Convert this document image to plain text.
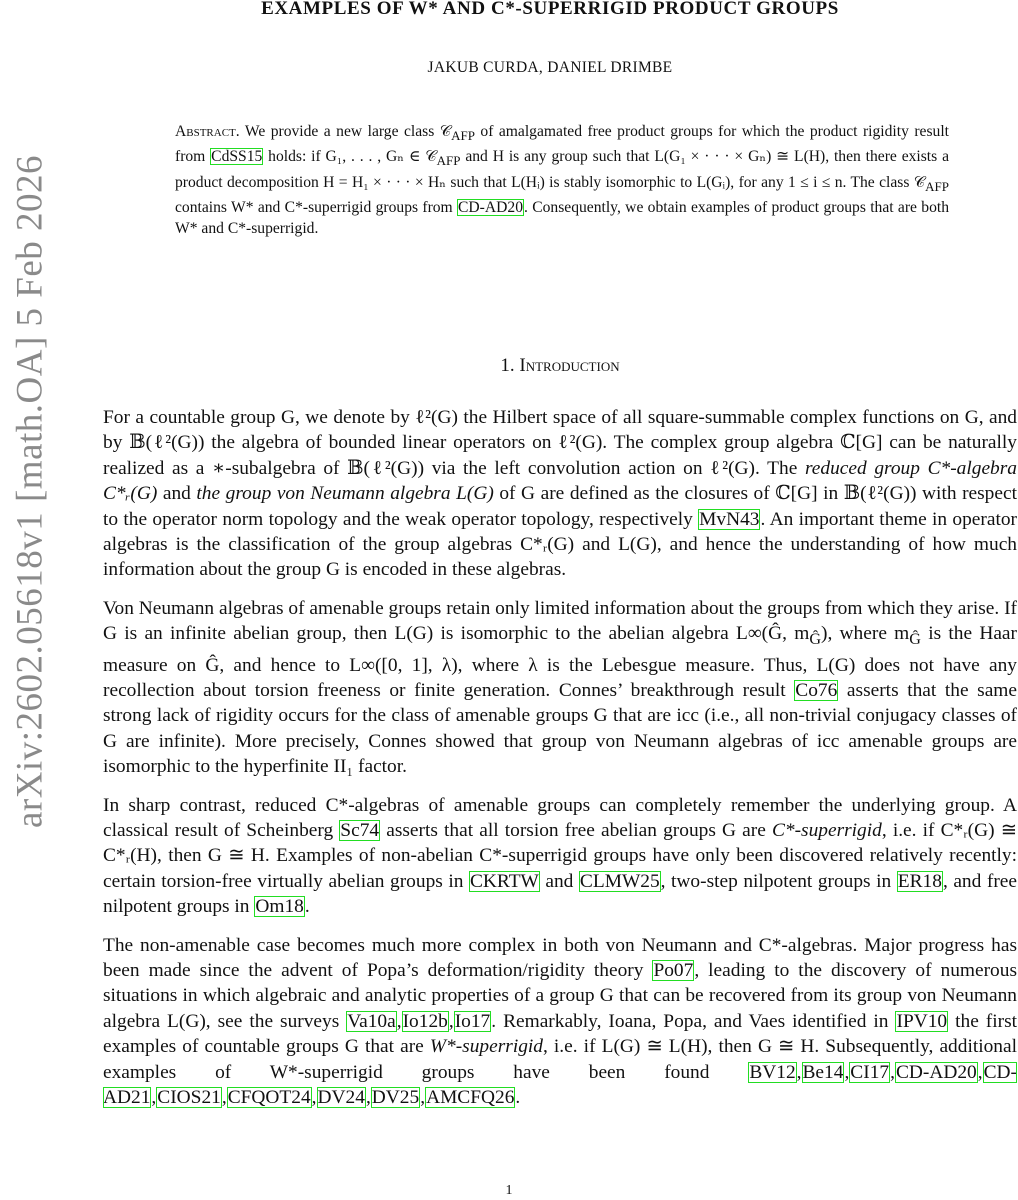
arXiv:2602.05618v1 [math.OA] 5 Feb 2026
EXAMPLES OF W* AND C*-SUPERRIGID PRODUCT GROUPS
JAKUB CURDA, DANIEL DRIMBE
Abstract. We provide a new large class 𝒞$_{AFP}$ of amalgamated free product groups for which the product rigidity result from CdSS15 holds: if G₁, . . . , Gₙ ∈ 𝒞$_{AFP}$ and H is any group such that L(G₁ × · · · × Gₙ) ≅ L(H), then there exists a product decomposition H = H₁ × · · · × Hₙ such that L(Hᵢ) is stably isomorphic to L(Gᵢ), for any 1 ≤ i ≤ n. The class 𝒞$_{AFP}$ contains W* and C*-superrigid groups from CD-AD20. Consequently, we obtain examples of product groups that are both W* and C*-superrigid.
1. Introduction

For a countable group G, we denote by ℓ²(G) the Hilbert space of all square-summable complex functions on G, and by 𝔹(ℓ²(G)) the algebra of bounded linear operators on ℓ²(G). The complex group algebra ℂ[G] can be naturally realized as a ∗-subalgebra of 𝔹(ℓ²(G)) via the left convolution action on ℓ²(G). The reduced group C*-algebra C*ᵣ(G) and the group von Neumann algebra L(G) of G are defined as the closures of ℂ[G] in 𝔹(ℓ²(G)) with respect to the operator norm topology and the weak operator topology, respectively MvN43. An important theme in operator algebras is the classification of the group algebras C*ᵣ(G) and L(G), and hence the understanding of how much information about the group G is encoded in these algebras.

Von Neumann algebras of amenable groups retain only limited information about the groups from which they arise. If G is an infinite abelian group, then L(G) is isomorphic to the abelian algebra L∞(Ĝ, $m_Ĝ$), where $m_Ĝ$ is the Haar measure on Ĝ, and hence to L∞([0, 1], λ), where λ is the Lebesgue measure. Thus, L(G) does not have any recollection about torsion freeness or finite generation. Connes’ breakthrough result Co76 asserts that the same strong lack of rigidity occurs for the class of amenable groups G that are icc (i.e., all non-trivial conjugacy classes of G are infinite). More precisely, Connes showed that group von Neumann algebras of icc amenable groups are isomorphic to the hyperfinite II₁ factor.

In sharp contrast, reduced C*-algebras of amenable groups can completely remember the underlying group. A classical result of Scheinberg Sc74 asserts that all torsion free abelian groups G are C*-superrigid, i.e. if C*ᵣ(G) ≅ C*ᵣ(H), then G ≅ H. Examples of non-abelian C*-superrigid groups have only been discovered relatively recently: certain torsion-free virtually abelian groups in CKRTW and CLMW25, two-step nilpotent groups in ER18, and free nilpotent groups in Om18.

The non-amenable case becomes much more complex in both von Neumann and C*-algebras. Major progress has been made since the advent of Popa’s deformation/rigidity theory Po07, leading to the discovery of numerous situations in which algebraic and analytic properties of a group G that can be recovered from its group von Neumann algebra L(G), see the surveys Va10a,Io12b,Io17. Remarkably, Ioana, Popa, and Vaes identified in IPV10 the first examples of countable groups G that are W*-superrigid, i.e. if L(G) ≅ L(H), then G ≅ H. Subsequently, additional examples of W*-superrigid groups have been found BV12,Be14,CI17,CD-AD20,CD-AD21,CIOS21,CFQOT24,DV24,DV25,AMCFQ26.

1
